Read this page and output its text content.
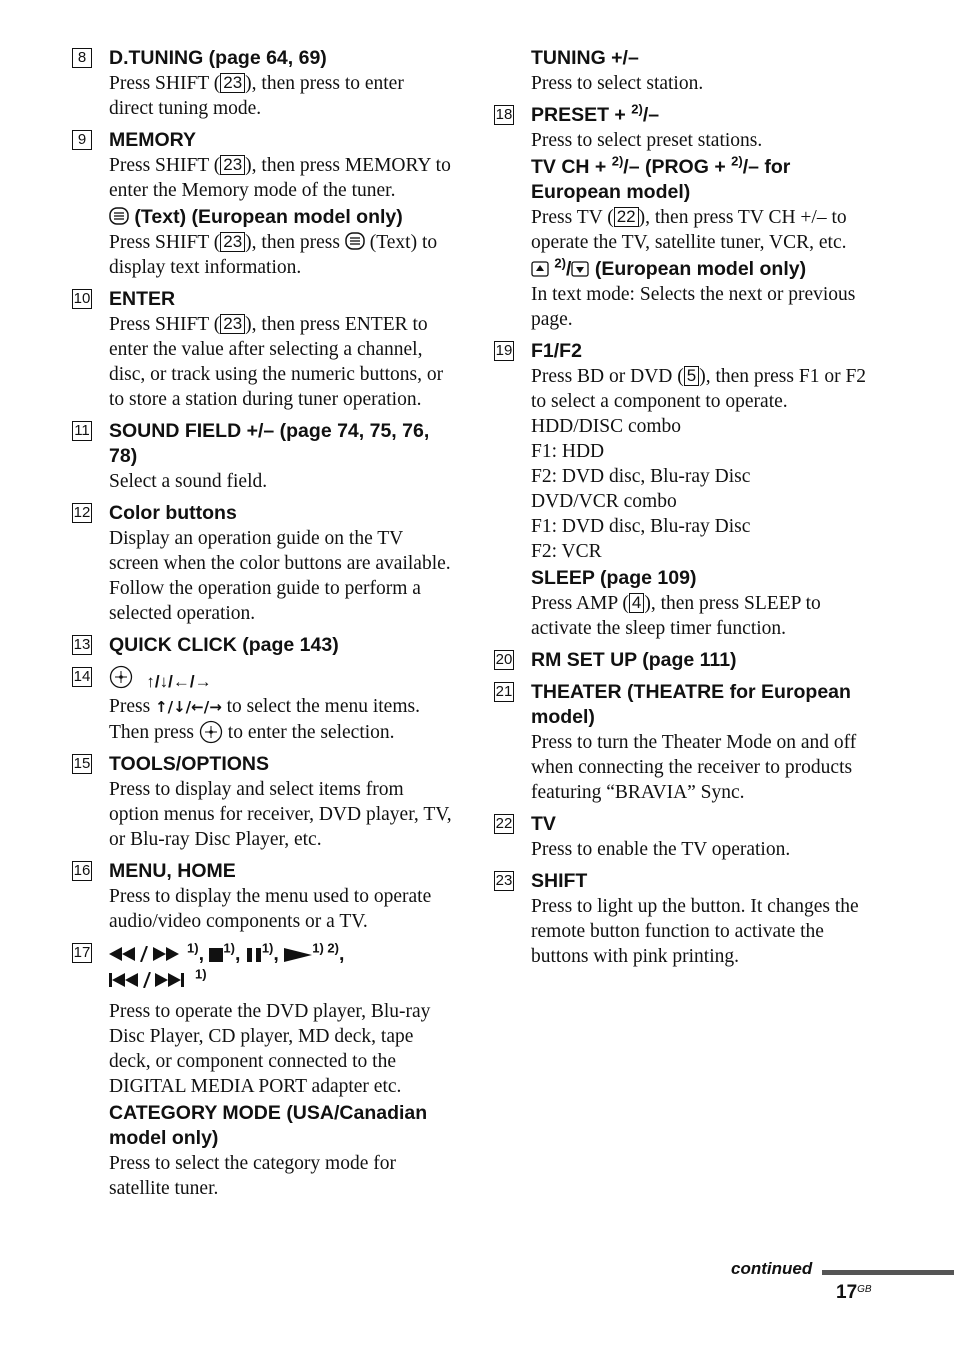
8 D.TUNING (page 64, 69)

Press SHIFT ( 23 ), then press to enter direct tuning mode.

9 MEMORY

Press SHIFT ( 23 ), then press MEMORY to enter the Memory mode of the tuner.

(Text) (European model only)

Press SHIFT ( 23 ), then press (Text) to display text information.

10 ENTER

Press SHIFT ( 23 ), then press ENTER to enter the value after selecting a channel, disc, or track using the numeric buttons, or to store a station during tuner operation.

11 SOUND FIELD +/– (page 74, 75, 76, 78)

Select a sound field.

12 Color buttons

Display an operation guide on the TV screen when the color buttons are available. Follow the operation guide to perform a selected operation.

13 QUICK CLICK (page 143)

14	↑/↓/←/→

Press ↑/↓/←/→ to select the menu items.

Then press to enter the selection.

15 TOOLS/OPTIONS

Press to display and select items from option menus for receiver, DVD player, TV, or Blu-ray Disc Player, etc.

16 MENU, HOME

Press to display the menu used to operate audio/video components or a TV.

17	$^{1)}$, $^{1)}$, $^{1)}$, $^{1) 2)}$,
$^{1)}$

Press to operate the DVD player, Blu-ray Disc Player, CD player, MD deck, tape deck, or component connected to the DIGITAL MEDIA PORT adapter etc.

CATEGORY MODE (USA/Canadian model only)

Press to select the category mode for satellite tuner.

TUNING +/–

Press to select station.

18 PRESET + $^{2)}$/–

Press to select preset stations.

TV CH + $^{2)}$/– (PROG + $^{2)}$/– for European model)

Press TV ( 22 ), then press TV CH +/– to operate the TV, satellite tuner, VCR, etc.

$^{2)}$/ (European model only)

In text mode: Selects the next or previous page.

19 F1/F2

Press BD or DVD ( 5 ), then press F1 or F2 to select a component to operate.

HDD/DISC combo

F1: HDD

F2: DVD disc, Blu-ray Disc

DVD/VCR combo

F1: DVD disc, Blu-ray Disc

F2: VCR

SLEEP (page 109)

Press AMP ( 4 ), then press SLEEP to activate the sleep timer function.

20 RM SET UP (page 111)

21 THEATER (THEATRE for European model)

Press to turn the Theater Mode on and off when connecting the receiver to products featuring “BRAVIA” Sync.

22 TV

Press to enable the TV operation.

23 SHIFT

Press to light up the button. It changes the remote button function to activate the buttons with pink printing.

continued
$17^{GB}$
